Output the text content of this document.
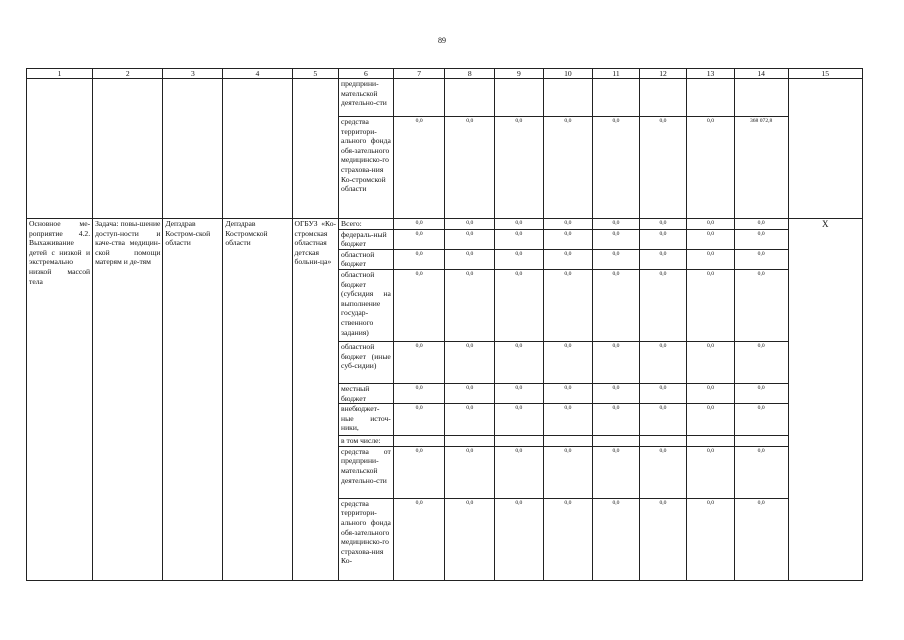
89
1	2	3	4	5	6	7	8	9	10	11	12	13	14	15
					предприни-мательской деятельно-сти									
					средства территори-ального фонда обя-зательного медицинско-го страхова-ния Ко-стромской области	0,0	0,0	0,0	0,0	0,0	0,0	0,0	368 072,8	
Основное ме-роприятие 4.2. Выхаживание детей с низкой и экстремально низкой массой тела	Задача: повы-шение доступ-ности и каче-ства медицин-ской помощи матерям и де-тям	Депздрав Костром-ской области	Депздрав Костромской области	ОГБУЗ «Ко-стромская областная детская больни-ца»	Всего:	0,0	0,0	0,0	0,0	0,0	0,0	0,0	0,0	X
					федераль-ный бюджет	0,0	0,0	0,0	0,0	0,0	0,0	0,0	0,0	
					областной бюджет	0,0	0,0	0,0	0,0	0,0	0,0	0,0	0,0	
					областной бюджет (субсидия на выполнение государ-ственного задания)	0,0	0,0	0,0	0,0	0,0	0,0	0,0	0,0	
					областной бюджет (иные суб-сидии)	0,0	0,0	0,0	0,0	0,0	0,0	0,0	0,0	
					местный бюджет	0,0	0,0	0,0	0,0	0,0	0,0	0,0	0,0	
					внебюджет-ные источ-ники,	0,0	0,0	0,0	0,0	0,0	0,0	0,0	0,0	
					в том числе:									
					средства от предприни-мательской деятельно-сти	0,0	0,0	0,0	0,0	0,0	0,0	0,0	0,0	
					средства территори-ального фонда обя-зательного медицинско-го страхова-ния Ко-	0,0	0,0	0,0	0,0	0,0	0,0	0,0	0,0	
